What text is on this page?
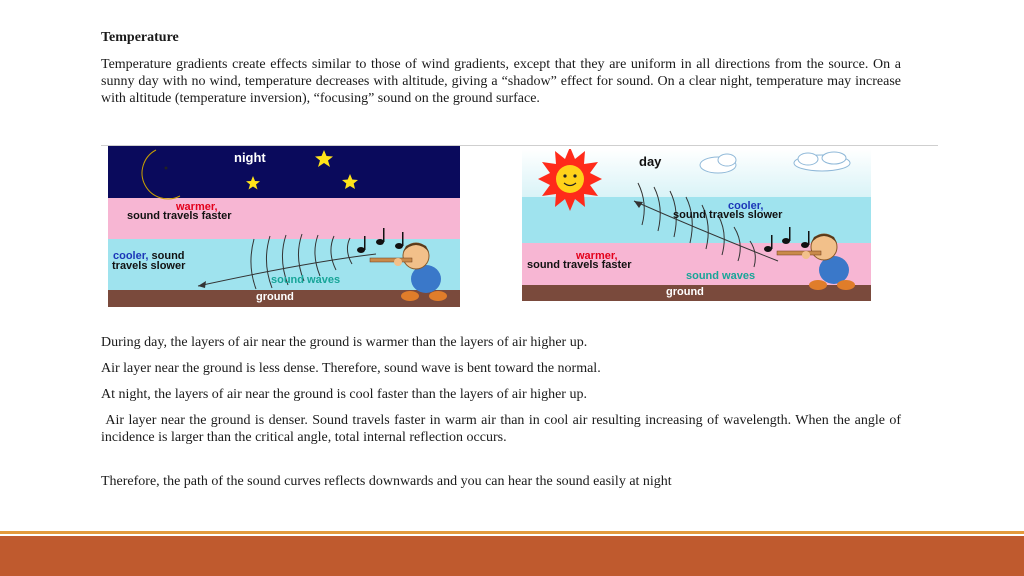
Temperature
Temperature gradients create effects similar to those of wind gradients, except that they are uniform in all directions from the source. On a sunny day with no wind, temperature decreases with altitude, giving a “shadow” effect for sound. On a clear night, temperature may increase with altitude (temperature inversion), “focusing” sound on the ground surface.
night
warmer,
sound travels faster
cooler, sound
travels slower
sound waves
ground
day
cooler,
sound travels slower
warmer,
sound travels faster
sound waves
ground
During day, the layers of air near the ground is warmer than the layers of air higher up.
Air layer near the ground is less dense. Therefore, sound wave is bent toward the normal.
At night, the layers of air near the ground is cool faster than the layers of air higher up.
Air layer near the ground is denser. Sound travels faster in warm air than in cool air resulting increasing of wavelength. When the angle of incidence is larger than the critical angle, total internal reflection occurs.
Therefore, the path of the sound curves reflects downwards and you can hear the sound easily at night
